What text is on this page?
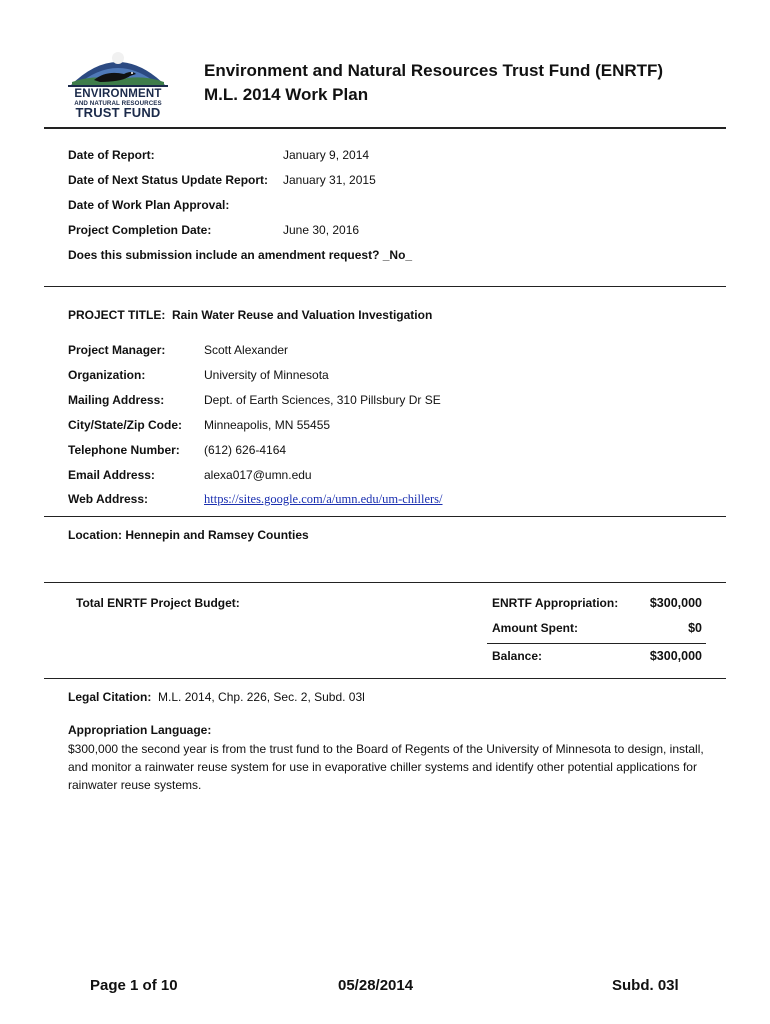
ENVIRONMENT
AND NATURAL RESOURCES
TRUST FUND
Environment and Natural Resources Trust Fund (ENRTF)
M.L. 2014 Work Plan
Date of Report:	January 9, 2014
Date of Next Status Update Report: January 31, 2015
Date of Work Plan Approval:
Project Completion Date:	June 30, 2016
Does this submission include an amendment request? _No_
PROJECT TITLE: Rain Water Reuse and Valuation Investigation
Project Manager:	Scott Alexander
Organization:	University of Minnesota
Mailing Address:	Dept. of Earth Sciences, 310 Pillsbury Dr SE
City/State/Zip Code: Minneapolis, MN 55455
Telephone Number: (612) 626-4164
Email Address:	alexa017@umn.edu
Web Address:	https://sites.google.com/a/umn.edu/um-chillers/
Location: Hennepin and Ramsey Counties
Total ENRTF Project Budget:	ENRTF Appropriation:	$300,000
Amount Spent:	$0
Balance:	$300,000
Legal Citation: M.L. 2014, Chp. 226, Sec. 2, Subd. 03l
Appropriation Language:
$300,000 the second year is from the trust fund to the Board of Regents of the University of Minnesota to design, install, and monitor a rainwater reuse system for use in evaporative chiller systems and identify other potential applications for rainwater reuse systems.
Page 1 of 10	05/28/2014	Subd. 03l
